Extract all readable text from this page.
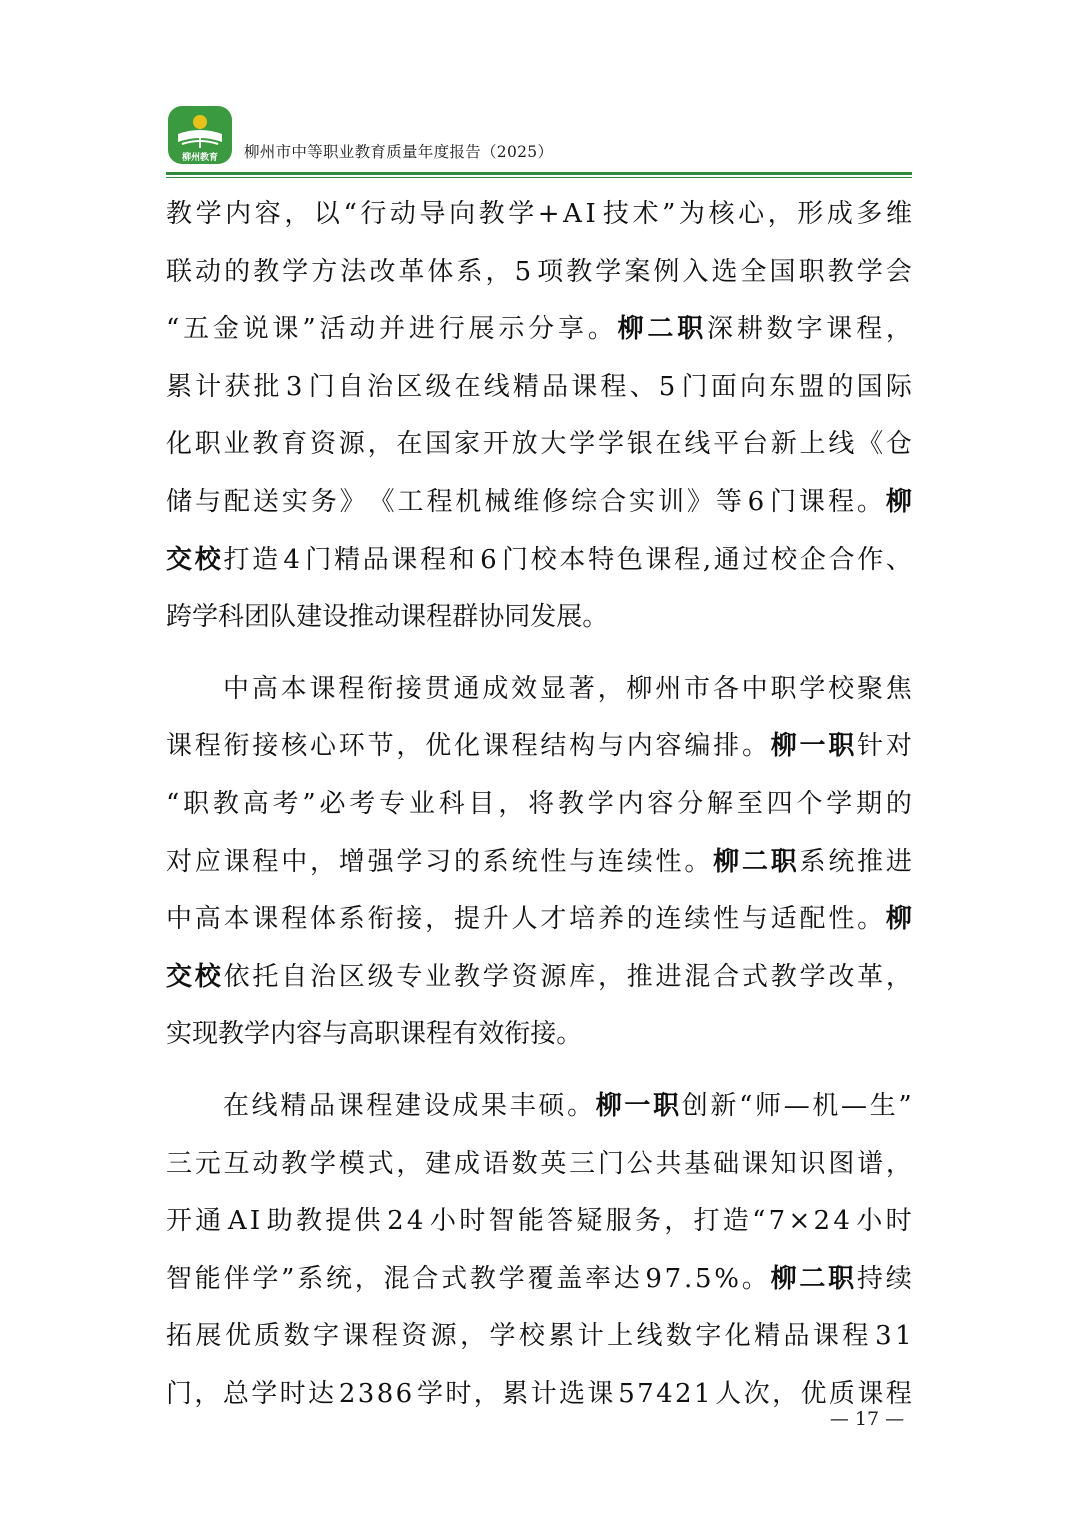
柳州教育 柳州市中等职业教育质量年度报告（2025）
教 学 内 容 ， 以 “ 行 动 导 向 教 学 + A I 技 术 ” 为 核 心 ， 形 成 多 维
联 动 的 教 学 方 法 改 革 体 系 ， 5 项 教 学 案 例 入 选 全 国 职 教 学 会
“ 五 金 说 课 ” 活 动 并 进 行 展 示 分 享 。 柳 二 职 深 耕 数 字 课 程 ，
累 计 获 批 3 门 自 治 区 级 在 线 精 品 课 程 、 5 门 面 向 东 盟 的 国 际
化 职 业 教 育 资 源 ， 在 国 家 开 放 大 学 学 银 在 线 平 台 新 上 线 《 仓
储 与 配 送 实 务 》 《 工 程 机 械 维 修 综 合 实 训 》 等 6 门 课 程 。 柳
交 校 打 造 4 门 精 品 课 程 和 6 门 校 本 特 色 课 程 , 通 过 校 企 合 作 、
跨 学 科 团 队 建 设 推 动 课 程 群 协 同 发 展 。
中 高 本 课 程 衔 接 贯 通 成 效 显 著 ， 柳 州 市 各 中 职 学 校 聚 焦
课 程 衔 接 核 心 环 节 ， 优 化 课 程 结 构 与 内 容 编 排 。 柳 一 职 针 对
“ 职 教 高 考 ” 必 考 专 业 科 目 ， 将 教 学 内 容 分 解 至 四 个 学 期 的
对 应 课 程 中 ， 增 强 学 习 的 系 统 性 与 连 续 性 。 柳 二 职 系 统 推 进
中 高 本 课 程 体 系 衔 接 ， 提 升 人 才 培 养 的 连 续 性 与 适 配 性 。 柳
交 校 依 托 自 治 区 级 专 业 教 学 资 源 库 ， 推 进 混 合 式 教 学 改 革 ，
实 现 教 学 内 容 与 高 职 课 程 有 效 衔 接 。
在 线 精 品 课 程 建 设 成 果 丰 硕 。 柳 一 职 创 新 “ 师 — 机 — 生 ”
三 元 互 动 教 学 模 式 ， 建 成 语 数 英 三 门 公 共 基 础 课 知 识 图 谱 ，
开 通 A I 助 教 提 供 2 4 小 时 智 能 答 疑 服 务 ， 打 造 “ 7 × 2 4 小 时
智 能 伴 学 ” 系 统 ， 混 合 式 教 学 覆 盖 率 达 9 7 . 5 % 。 柳 二 职 持 续
拓 展 优 质 数 字 课 程 资 源 ， 学 校 累 计 上 线 数 字 化 精 品 课 程 3 1
门 ， 总 学 时 达 2 3 8 6 学 时 ， 累 计 选 课 5 7 4 2 1 人 次 ， 优 质 课 程
— 17 —
